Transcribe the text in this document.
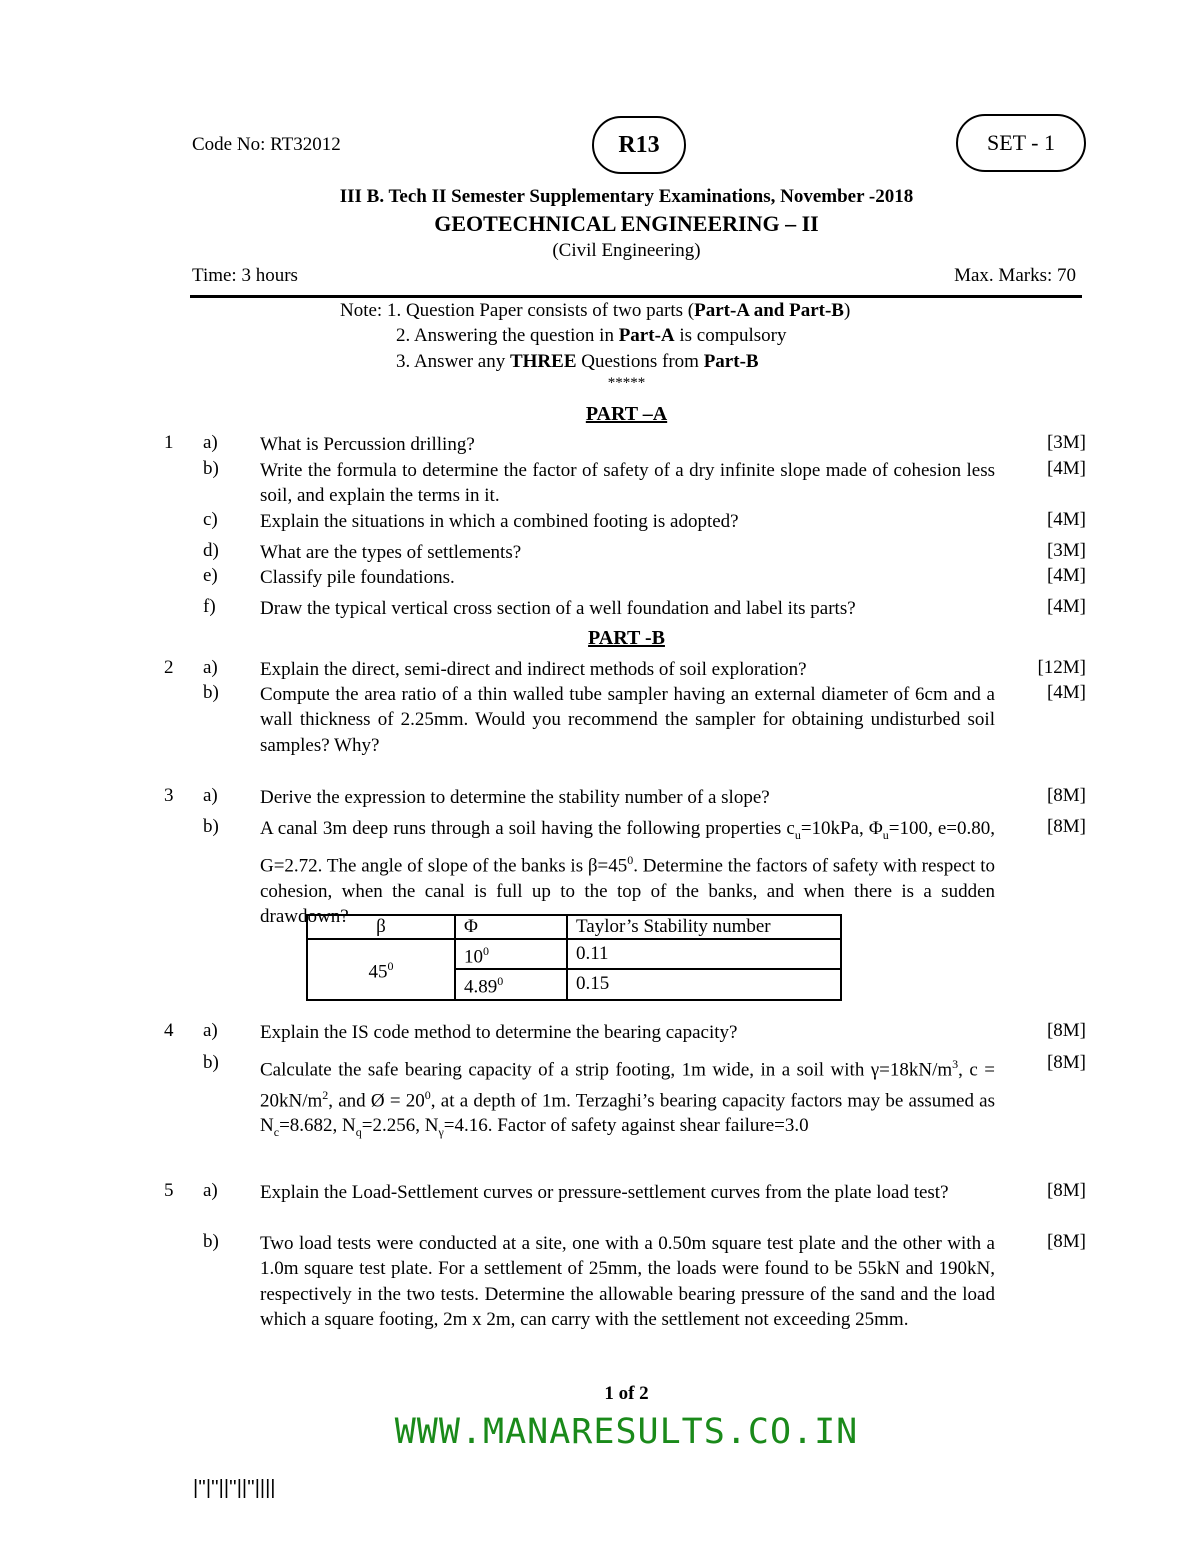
Code No: RT32012	R13	SET - 1
III B. Tech II Semester Supplementary Examinations, November -2018
GEOTECHNICAL ENGINEERING – II
(Civil Engineering)
Time: 3 hours	Max. Marks: 70
Note: 1. Question Paper consists of two parts (Part-A and Part-B)
2. Answering the question in Part-A is compulsory
3. Answer any THREE Questions from Part-B
*****
PART –A
1 a) What is Percussion drilling?	[3M]
b) Write the formula to determine the factor of safety of a dry infinite slope made of cohesion less soil, and explain the terms in it.
[4M]
c) Explain the situations in which a combined footing is adopted?	[4M]
d) What are the types of settlements?	[3M]
e) Classify pile foundations.	[4M]
f) Draw the typical vertical cross section of a well foundation and label its parts?	[4M]
PART -B
2 a) Explain the direct, semi-direct and indirect methods of soil exploration?	[12M]
b) Compute the area ratio of a thin walled tube sampler having an external diameter of 6cm and a wall thickness of 2.25mm. Would you recommend the sampler for obtaining undisturbed soil samples? Why?
[4M]
3 a) Derive the expression to determine the stability number of a slope?	[8M]
b) A canal 3m deep runs through a soil having the following properties $c_u=10kPa$, $\Phi_u=100$, e=0.80, G=2.72. The angle of slope of the banks is $\beta=45^0$. Determine the factors of safety with respect to cohesion, when the canal is full up to the top of the banks, and when there is a sudden drawdown?
[8M]
β	Φ	Taylor’s Stability number
$45^0$	$10^0$	0.11
	4.89$^0$	0.15
4 a) Explain the IS code method to determine the bearing capacity?	[8M]
b) Calculate the safe bearing capacity of a strip footing, 1m wide, in a soil with $\gamma=18kN/m^3$, $c = 20kN/m^2$, and Ø = $20^0$, at a depth of 1m. Terzaghi’s bearing capacity factors may be assumed as $N_c=8.682$, $N_q=2.256$, $N_\gamma=4.16$. Factor of safety against shear failure=3.0
[8M]
5 a) Explain the Load-Settlement curves or pressure-settlement curves from the plate load test?	[8M]
b) Two load tests were conducted at a site, one with a 0.50m square test plate and the other with a 1.0m square test plate. For a settlement of 25mm, the loads were found to be 55kN and 190kN, respectively in the two tests. Determine the allowable bearing pressure of the sand and the load which a square footing, 2m x 2m, can carry with the settlement not exceeding 25mm.
[8M]
1 of 2
WWW.MANARESULTS.CO.IN
|''|''||''||''||||
